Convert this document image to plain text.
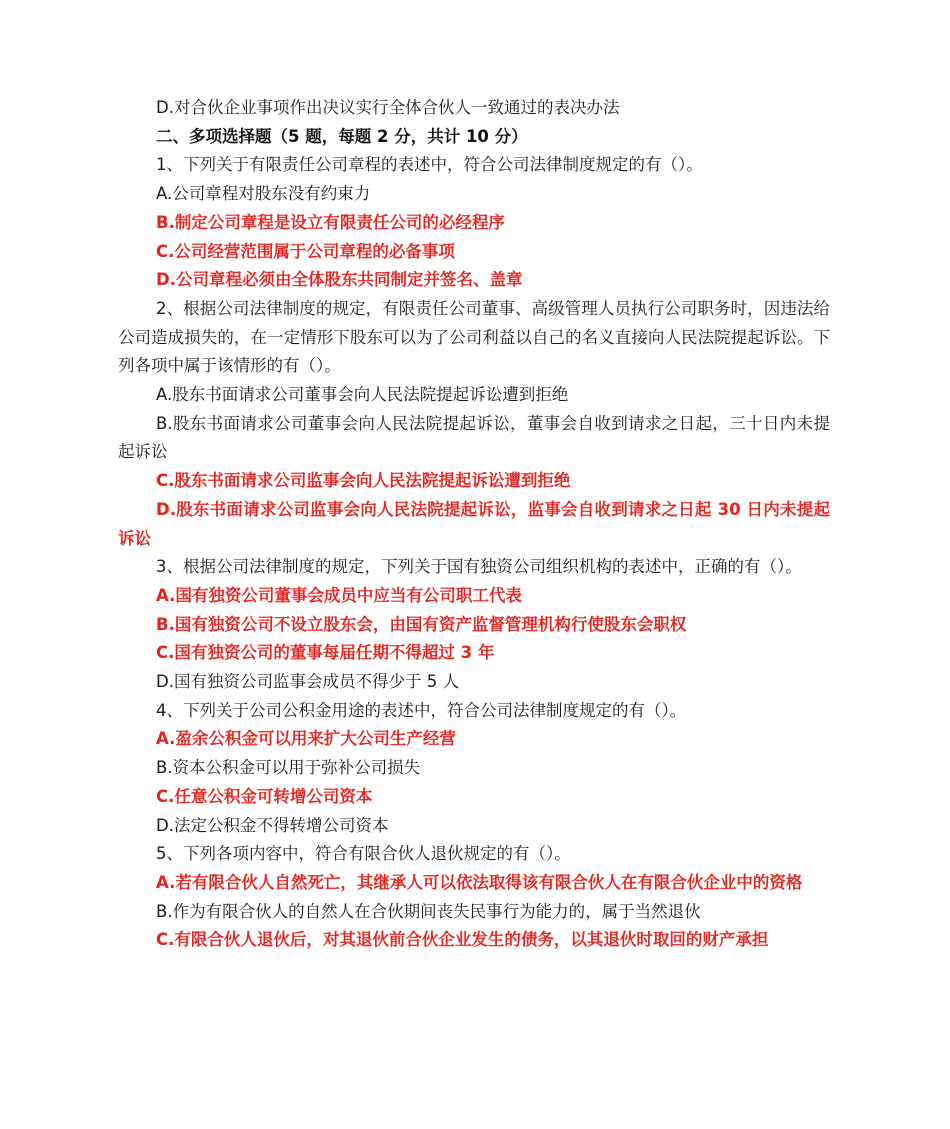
D.对合伙企业事项作出决议实行全体合伙人一致通过的表决办法

二、多项选择题（5 题，每题 2 分，共计 10 分）

1、下列关于有限责任公司章程的表述中，符合公司法律制度规定的有（）。

A.公司章程对股东没有约束力

B.制定公司章程是设立有限责任公司的必经程序

C.公司经营范围属于公司章程的必备事项

D.公司章程必须由全体股东共同制定并签名、盖章

2、根据公司法律制度的规定，有限责任公司董事、高级管理人员执行公司职务时，因违法给公司造成损失的，在一定情形下股东可以为了公司利益以自己的名义直接向人民法院提起诉讼。下列各项中属于该情形的有（）。

A.股东书面请求公司董事会向人民法院提起诉讼遭到拒绝

B.股东书面请求公司董事会向人民法院提起诉讼，董事会自收到请求之日起，三十日内未提起诉讼

C.股东书面请求公司监事会向人民法院提起诉讼遭到拒绝

D.股东书面请求公司监事会向人民法院提起诉讼，监事会自收到请求之日起 30 日内未提起诉讼

3、根据公司法律制度的规定，下列关于国有独资公司组织机构的表述中，正确的有（）。

A.国有独资公司董事会成员中应当有公司职工代表

B.国有独资公司不设立股东会，由国有资产监督管理机构行使股东会职权

C.国有独资公司的董事每届任期不得超过 3 年

D.国有独资公司监事会成员不得少于 5 人

4、下列关于公司公积金用途的表述中，符合公司法律制度规定的有（）。

A.盈余公积金可以用来扩大公司生产经营

B.资本公积金可以用于弥补公司损失

C.任意公积金可转增公司资本

D.法定公积金不得转增公司资本

5、下列各项内容中，符合有限合伙人退伙规定的有（）。

A.若有限合伙人自然死亡，其继承人可以依法取得该有限合伙人在有限合伙企业中的资格

B.作为有限合伙人的自然人在合伙期间丧失民事行为能力的，属于当然退伙

C.有限合伙人退伙后，对其退伙前合伙企业发生的债务，以其退伙时取回的财产承担
